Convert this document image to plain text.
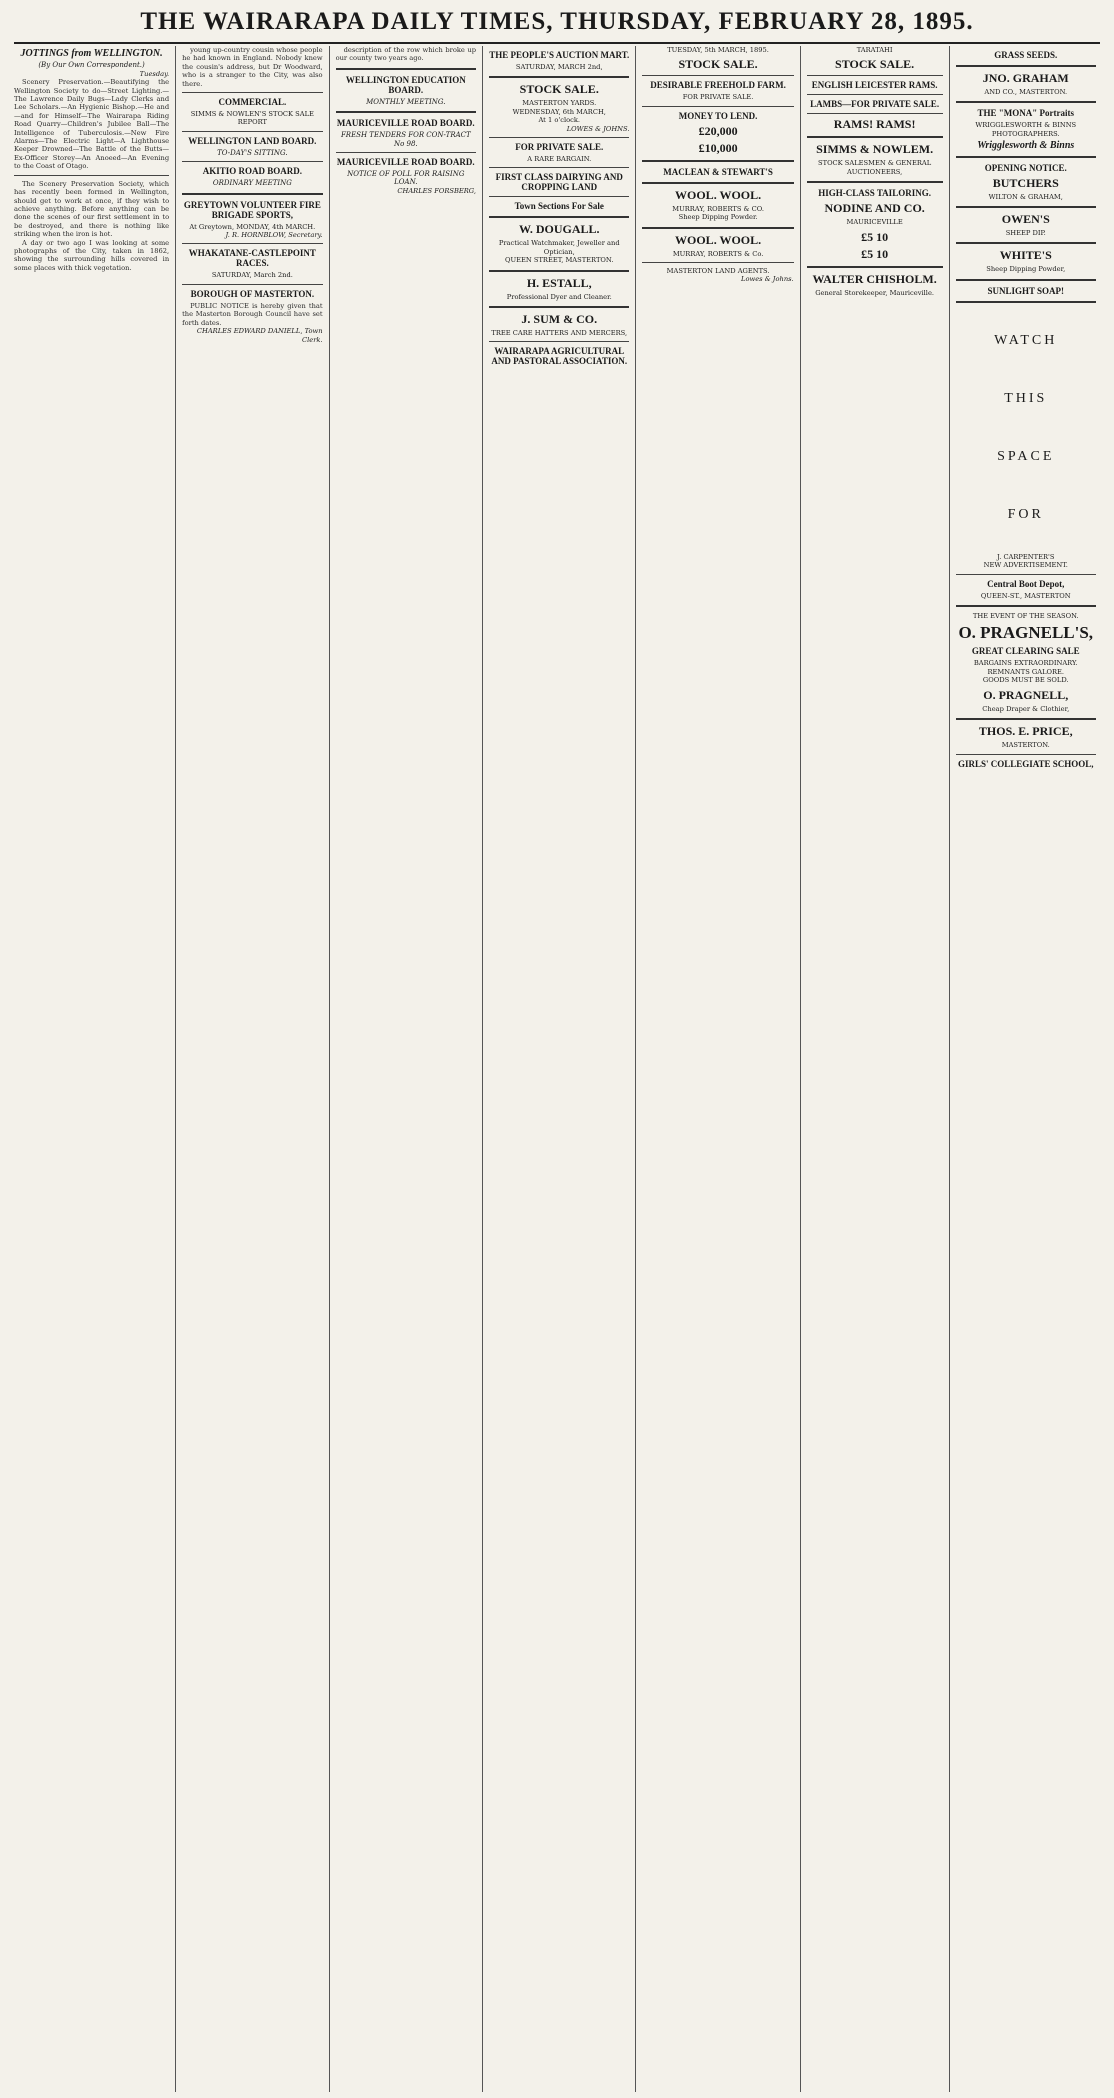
THE WAIRARAPA DAILY TIMES, THURSDAY, FEBRUARY 28, 1895.
JOTTINGS from WELLINGTON.
(By Our Own Correspondent.)
Tuesday.
Scenery Preservation.—Beautifying the Wellington Society to do—Street Lighting.—The Lawrence Daily Bugs—Lady Clerks and Lee Scholars.—An Hygienic Bishop.—He and—and for Himself—The Wairarapa Riding Road Quarry—Children's Jubilee Ball—The Intelligence of Tuberculosis.—New Fire Alarms—The Electric Light—A Lighthouse Keeper Drowned—The Battle of the Butts—Ex-Officer Storey—An Anoeed—An Evening to the Coast of Otago.
The Scenery Preservation Society, which has recently been formed in Wellington, should get to work at once, if they wish to achieve anything. Before anything can be done the scenes of our first settlement in to be destroyed, and there is nothing like striking when the iron is hot.
A day or two ago I was looking at some photographs of the City, taken in 1862, showing the surrounding hills covered in some places with thick vegetation.
young up-country cousin whose people he had known in England. Nobody knew the cousin's address, but Dr Woodward, who is a stranger to the City, was also there.
COMMERCIAL.
SIMMS & NOWLEN'S STOCK SALE REPORT
WELLINGTON LAND BOARD.
TO-DAY'S SITTING.
AKITIO ROAD BOARD.
ORDINARY MEETING
GREYTOWN VOLUNTEER FIRE BRIGADE SPORTS,
At Greytown, MONDAY, 4th MARCH.
J. R. HORNBLOW, Secretary.
WHAKATANE-CASTLEPOINT RACES.
SATURDAY, March 2nd.
BOROUGH OF MASTERTON.
PUBLIC NOTICE is hereby given that the Masterton Borough Council have set forth dates.
CHARLES EDWARD DANIELL, Town Clerk.
description of the row which broke up our county two years ago.
WELLINGTON EDUCATION BOARD.
MONTHLY MEETING.
MAURICEVILLE ROAD BOARD.
FRESH TENDERS FOR CON-TRACT No 98.
MAURICEVILLE ROAD BOARD.
NOTICE OF POLL FOR RAISING LOAN.
CHARLES FORSBERG,
THE PEOPLE'S AUCTION MART.
SATURDAY, MARCH 2nd,
STOCK SALE.
MASTERTON YARDS.
WEDNESDAY, 6th MARCH,
At 1 o'clock.
LOWES & JOHNS.
FOR PRIVATE SALE.
A RARE BARGAIN.
FIRST CLASS DAIRYING AND CROPPING LAND
Town Sections For Sale
W. DOUGALL.
Practical Watchmaker, Jeweller and Optician,
QUEEN STREET, MASTERTON.
H. ESTALL,
Professional Dyer and Cleaner.
J. SUM & CO.
TREE CARE HATTERS AND MERCERS,
WAIRARAPA AGRICULTURAL AND PASTORAL ASSOCIATION.
TUESDAY, 5th MARCH, 1895.
STOCK SALE.
DESIRABLE FREEHOLD FARM.
FOR PRIVATE SALE.
MONEY TO LEND.
£20,000
£10,000
MACLEAN & STEWART'S
WOOL. WOOL.
MURRAY, ROBERTS & CO.
Sheep Dipping Powder.
WOOL. WOOL.
MURRAY, ROBERTS & Co.
MASTERTON LAND AGENTS.
Lowes & Johns.
TARATAHI
STOCK SALE.
ENGLISH LEICESTER RAMS.
LAMBS—FOR PRIVATE SALE.
RAMS! RAMS!
SIMMS & NOWLEM.
STOCK SALESMEN & GENERAL AUCTIONEERS,
HIGH-CLASS TAILORING.
NODINE AND CO.
MAURICEVILLE
£5 10
£5 10
WALTER CHISHOLM.
General Storekeeper, Mauriceville.
GRASS SEEDS.
JNO. GRAHAM
AND CO., MASTERTON.
THE "MONA" Portraits
WRIGGLESWORTH & BINNS
PHOTOGRAPHERS.
Wrigglesworth & Binns
OPENING NOTICE.
BUTCHERS
WILTON & GRAHAM,
OWEN'S
SHEEP DIP.
WHITE'S
Sheep Dipping Powder,
SUNLIGHT SOAP!
WATCH
THIS
SPACE
FOR
J. CARPENTER'S
NEW ADVERTISEMENT.
Central Boot Depot,
QUEEN-ST., MASTERTON
THE EVENT OF THE SEASON.
O. PRAGNELL'S,
GREAT CLEARING SALE
BARGAINS EXTRAORDINARY.
REMNANTS GALORE.
GOODS MUST BE SOLD.
O. PRAGNELL,
Cheap Draper & Clothier,
THOS. E. PRICE,
MASTERTON.
GIRLS' COLLEGIATE SCHOOL,
